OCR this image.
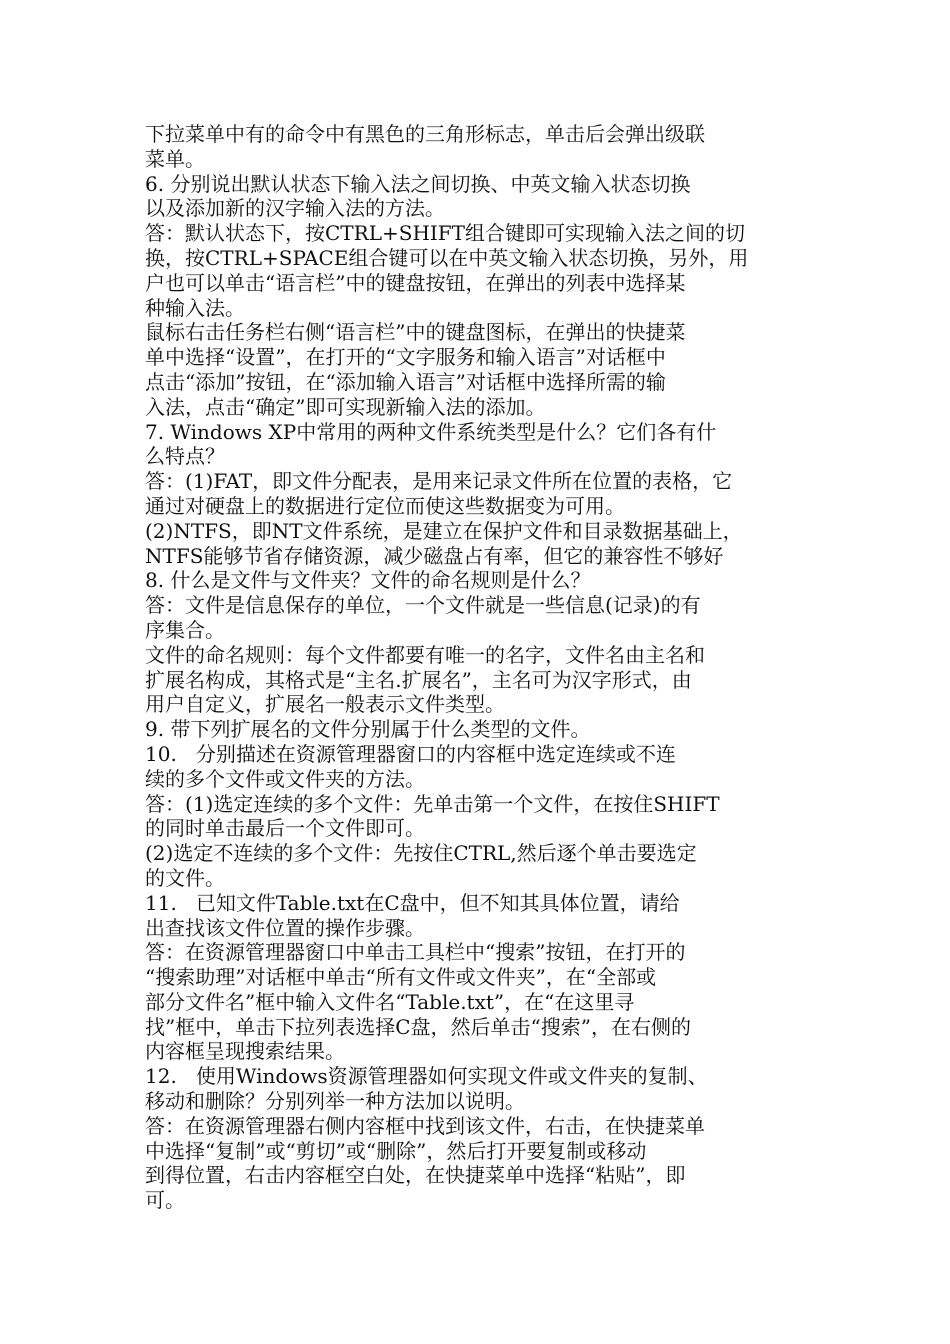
下拉菜单中有的命令中有黑色的三角形标志，单击后会弹出级联
菜单。
6. 分别说出默认状态下输入法之间切换、中英文输入状态切换
以及添加新的汉字输入法的方法。
答：默认状态下，按CTRL+SHIFT组合键即可实现输入法之间的切
换，按CTRL+SPACE组合键可以在中英文输入状态切换，另外，用
户也可以单击“语言栏”中的键盘按钮，在弹出的列表中选择某
种输入法。
鼠标右击任务栏右侧“语言栏”中的键盘图标，在弹出的快捷菜
单中选择“设置”，在打开的“文字服务和输入语言”对话框中
点击“添加”按钮，在“添加输入语言”对话框中选择所需的输
入法，点击“确定”即可实现新输入法的添加。
7. Windows XP中常用的两种文件系统类型是什么？它们各有什
么特点？
答：(1)FAT，即文件分配表，是用来记录文件所在位置的表格，它
通过对硬盘上的数据进行定位而使这些数据变为可用。
(2)NTFS，即NT文件系统，是建立在保护文件和目录数据基础上，
NTFS能够节省存储资源，减少磁盘占有率，但它的兼容性不够好
8. 什么是文件与文件夹？文件的命名规则是什么？
答：文件是信息保存的单位，一个文件就是一些信息(记录)的有
序集合。
文件的命名规则：每个文件都要有唯一的名字，文件名由主名和
扩展名构成，其格式是“主名.扩展名”，主名可为汉字形式，由
用户自定义，扩展名一般表示文件类型。
9. 带下列扩展名的文件分别属于什么类型的文件。
10.   分别描述在资源管理器窗口的内容框中选定连续或不连
续的多个文件或文件夹的方法。
答：(1)选定连续的多个文件：先单击第一个文件，在按住SHIFT
的同时单击最后一个文件即可。
(2)选定不连续的多个文件：先按住CTRL,然后逐个单击要选定
的文件。
11.   已知文件Table.txt在C盘中，但不知其具体位置，请给
出查找该文件位置的操作步骤。
答：在资源管理器窗口中单击工具栏中“搜索”按钮，在打开的
“搜索助理”对话框中单击“所有文件或文件夹”，在“全部或
部分文件名”框中输入文件名“Table.txt”，在“在这里寻
找”框中，单击下拉列表选择C盘，然后单击“搜索”，在右侧的
内容框呈现搜索结果。
12.   使用Windows资源管理器如何实现文件或文件夹的复制、
移动和删除？分别列举一种方法加以说明。
答：在资源管理器右侧内容框中找到该文件，右击，在快捷菜单
中选择“复制”或“剪切”或“删除”，然后打开要复制或移动
到得位置，右击内容框空白处，在快捷菜单中选择“粘贴”，即
可。
